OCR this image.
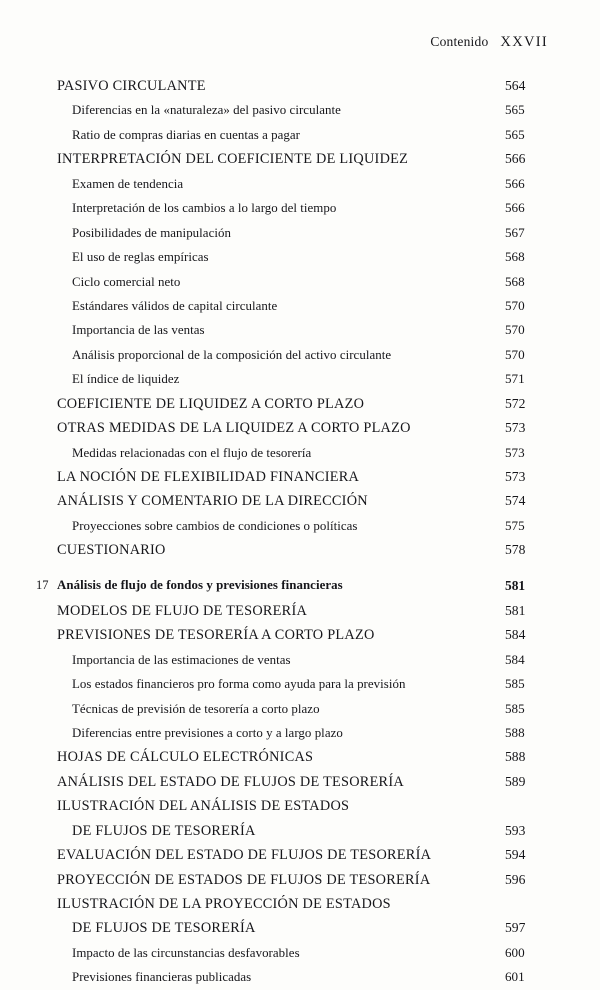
Contenido XXVII
PASIVO CIRCULANTE	564
Diferencias en la «naturaleza» del pasivo circulante	565
Ratio de compras diarias en cuentas a pagar	565
INTERPRETACIÓN DEL COEFICIENTE DE LIQUIDEZ	566
Examen de tendencia	566
Interpretación de los cambios a lo largo del tiempo	566
Posibilidades de manipulación	567
El uso de reglas empíricas	568
Ciclo comercial neto	568
Estándares válidos de capital circulante	570
Importancia de las ventas	570
Análisis proporcional de la composición del activo circulante	570
El índice de liquidez	571
COEFICIENTE DE LIQUIDEZ A CORTO PLAZO	572
OTRAS MEDIDAS DE LA LIQUIDEZ A CORTO PLAZO	573
Medidas relacionadas con el flujo de tesorería	573
LA NOCIÓN DE FLEXIBILIDAD FINANCIERA	573
ANÁLISIS Y COMENTARIO DE LA DIRECCIÓN	574
Proyecciones sobre cambios de condiciones o políticas	575
CUESTIONARIO	578
17 Análisis de flujo de fondos y previsiones financieras	581
MODELOS DE FLUJO DE TESORERÍA	581
PREVISIONES DE TESORERÍA A CORTO PLAZO	584
Importancia de las estimaciones de ventas	584
Los estados financieros pro forma como ayuda para la previsión	585
Técnicas de previsión de tesorería a corto plazo	585
Diferencias entre previsiones a corto y a largo plazo	588
HOJAS DE CÁLCULO ELECTRÓNICAS	588
ANÁLISIS DEL ESTADO DE FLUJOS DE TESORERÍA	589
ILUSTRACIÓN DEL ANÁLISIS DE ESTADOS
DE FLUJOS DE TESORERÍA	593
EVALUACIÓN DEL ESTADO DE FLUJOS DE TESORERÍA	594
PROYECCIÓN DE ESTADOS DE FLUJOS DE TESORERÍA	596
ILUSTRACIÓN DE LA PROYECCIÓN DE ESTADOS
DE FLUJOS DE TESORERÍA	597
Impacto de las circunstancias desfavorables	600
Previsiones financieras publicadas	601
